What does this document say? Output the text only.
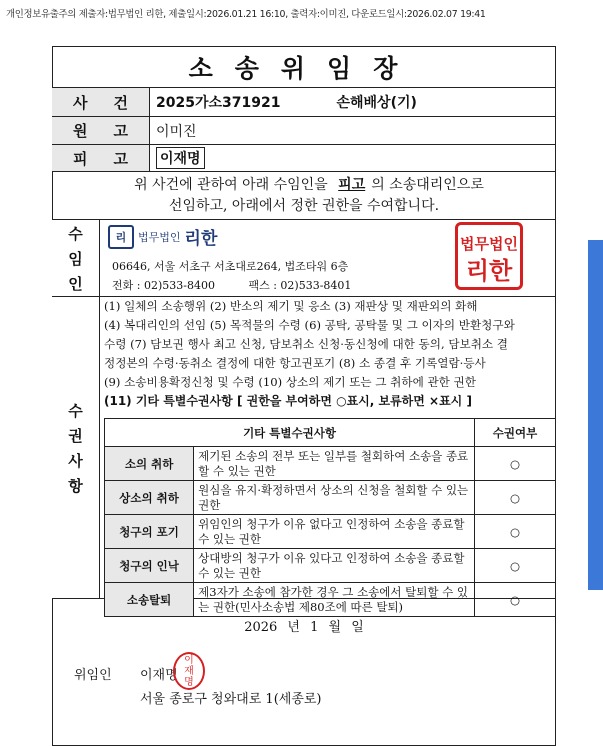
개인정보유출주의 제출자:법무법인 리한, 제출일시:2026.01.21 16:10, 출력자:이미진, 다운로드일시:2026.02.07 19:41
소송위임장
사건 2025가소371921	손해배상(기)
원고 이미진
피고 이재명
위 사건에 관하여 아래 수임인을 피고 의 소송대리인으로
선임하고, 아래에서 정한 권한을 수여합니다.
수
임
인
리	법무법인 리한
06646, 서울 서초구 서초대로264, 법조타워 6층
전화 : 02)533-8400	팩스 : 02)533-8401
법무법인
리한
수
권
사
항

(1) 일체의 소송행위 (2) 반소의 제기 및 응소 (3) 재판상 및 재판외의 화해

(4) 복대리인의 선임 (5) 목적물의 수령 (6) 공탁, 공탁물 및 그 이자의 반환청구와

수령 (7) 담보권 행사 최고 신청, 담보취소 신청·동신청에 대한 동의, 담보취소 결

정정본의 수령·동취소 결정에 대한 항고권포기 (8) 소 종결 후 기록열람·등사

(9) 소송비용확정신청 및 수령 (10) 상소의 제기 또는 그 취하에 관한 권한

(11) 기타 특별수권사항 [ 권한을 부여하면 ○표시, 보류하면 ×표시 ]

기타 특별수권사항		수권여부
소의 취하	제기된 소송의 전부 또는 일부를 철회하여 소송을 종료할 수 있는 권한	○
상소의 취하	원심을 유지·확정하면서 상소의 신청을 철회할 수 있는 권한	○
청구의 포기	위임인의 청구가 이유 없다고 인정하여 소송을 종료할 수 있는 권한	○
청구의 인낙	상대방의 청구가 이유 있다고 인정하여 소송을 종료할 수 있는 권한	○
소송탈퇴	제3자가 소송에 참가한 경우 그 소송에서 탈퇴할 수 있는 권한(민사소송법 제80조에 따른 탈퇴)	○
2026 년 1 월 일
위임인 이재명
이
재
명
서울 종로구 청와대로 1(세종로)
